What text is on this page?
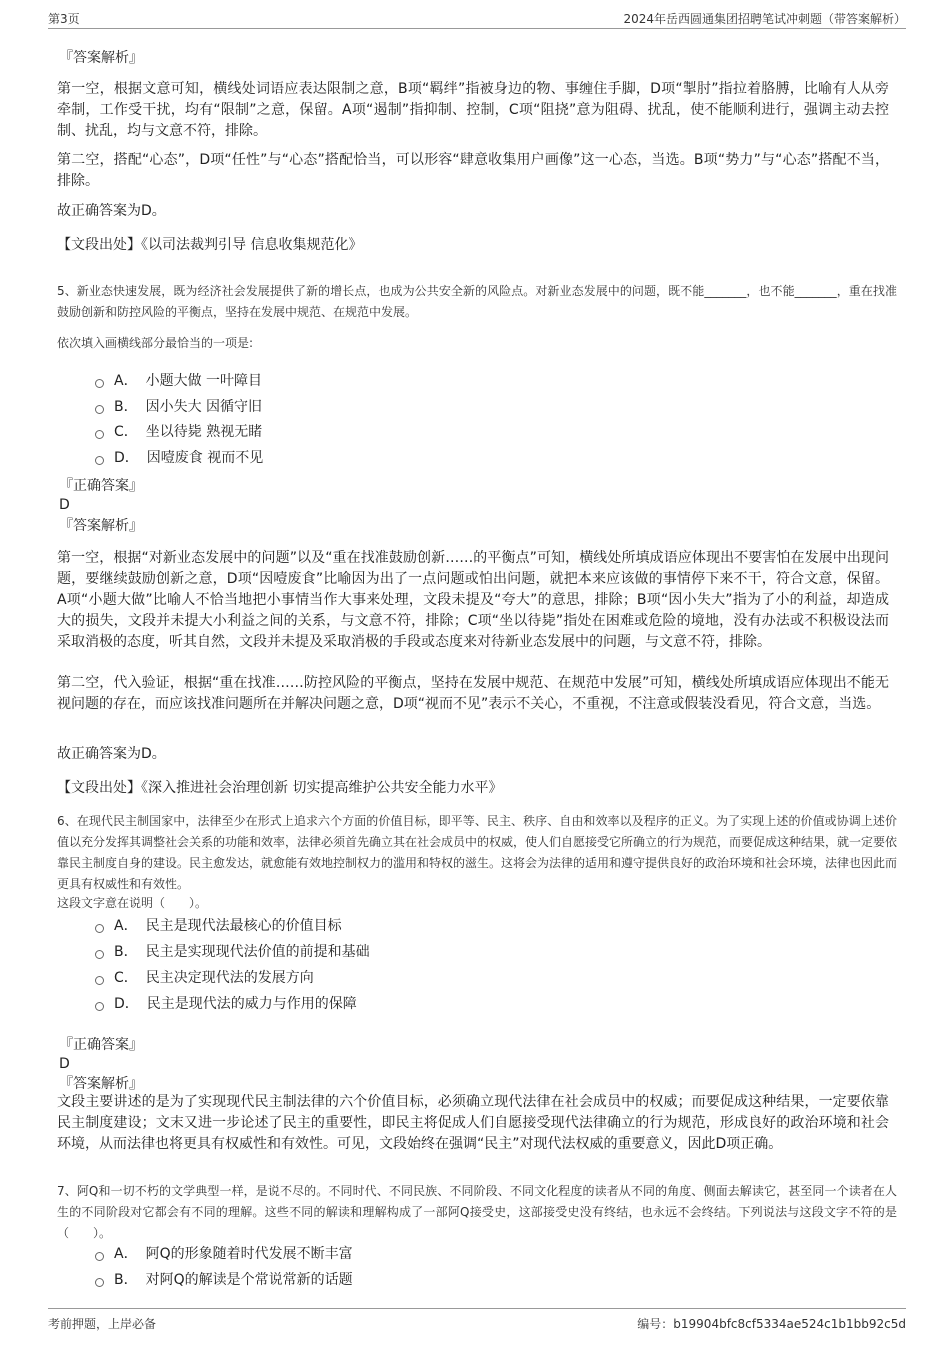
第3页	2024年岳西圆通集团招聘笔试冲刺题（带答案解析）
『答案解析』
第一空，根据文意可知，横线处词语应表达限制之意，B项“羁绊”指被身边的物、事缠住手脚，D项“掣肘”指拉着胳膊，比喻有人从旁牵制，工作受干扰，均有“限制”之意，保留。A项“遏制”指抑制、控制，C项“阻挠”意为阻碍、扰乱，使不能顺利进行，强调主动去控制、扰乱，均与文意不符，排除。
第二空，搭配“心态”，D项“任性”与“心态”搭配恰当，可以形容“肆意收集用户画像”这一心态，当选。B项“势力”与“心态”搭配不当，排除。
故正确答案为D。
【文段出处】《以司法裁判引导 信息收集规范化》
5、新业态快速发展，既为经济社会发展提供了新的增长点，也成为公共安全新的风险点。对新业态发展中的问题，既不能_______，也不能_______，重在找准鼓励创新和防控风险的平衡点，坚持在发展中规范、在规范中发展。
依次填入画横线部分最恰当的一项是:
A． 小题大做 一叶障目
B． 因小失大 因循守旧
C． 坐以待毙 熟视无睹
D． 因噎废食 视而不见
『正确答案』
D
『答案解析』
第一空，根据“对新业态发展中的问题”以及“重在找准鼓励创新……的平衡点”可知，横线处所填成语应体现出不要害怕在发展中出现问题，要继续鼓励创新之意，D项“因噎废食”比喻因为出了一点问题或怕出问题，就把本来应该做的事情停下来不干，符合文意，保留。A项“小题大做”比喻人不恰当地把小事情当作大事来处理，文段未提及“夸大”的意思，排除；B项“因小失大”指为了小的利益，却造成大的损失，文段并未提大小利益之间的关系，与文意不符，排除；C项“坐以待毙”指处在困难或危险的境地，没有办法或不积极设法而采取消极的态度，听其自然，文段并未提及采取消极的手段或态度来对待新业态发展中的问题，与文意不符，排除。
第二空，代入验证，根据“重在找准……防控风险的平衡点，坚持在发展中规范、在规范中发展”可知，横线处所填成语应体现出不能无视问题的存在，而应该找准问题所在并解决问题之意，D项“视而不见”表示不关心，不重视，不注意或假装没看见，符合文意，当选。
故正确答案为D。
【文段出处】《深入推进社会治理创新 切实提高维护公共安全能力水平》
6、在现代民主制国家中，法律至少在形式上追求六个方面的价值目标，即平等、民主、秩序、自由和效率以及程序的正义。为了实现上述的价值或协调上述价值以充分发挥其调整社会关系的功能和效率，法律必须首先确立其在社会成员中的权威，使人们自愿接受它所确立的行为规范，而要促成这种结果，就一定要依靠民主制度自身的建设。民主愈发达，就愈能有效地控制权力的滥用和特权的滋生。这将会为法律的适用和遵守提供良好的政治环境和社会环境，法律也因此而更具有权威性和有效性。
这段文字意在说明（　　）。
A． 民主是现代法最核心的价值目标
B． 民主是实现现代法价值的前提和基础
C． 民主决定现代法的发展方向
D． 民主是现代法的威力与作用的保障
『正确答案』
D
『答案解析』
文段主要讲述的是为了实现现代民主制法律的六个价值目标，必须确立现代法律在社会成员中的权威；而要促成这种结果，一定要依靠民主制度建设；文末又进一步论述了民主的重要性，即民主将促成人们自愿接受现代法律确立的行为规范，形成良好的政治环境和社会环境，从而法律也将更具有权威性和有效性。可见，文段始终在强调“民主”对现代法权威的重要意义，因此D项正确。
7、阿Q和一切不朽的文学典型一样，是说不尽的。不同时代、不同民族、不同阶段、不同文化程度的读者从不同的角度、侧面去解读它，甚至同一个读者在人生的不同阶段对它都会有不同的理解。这些不同的解读和理解构成了一部阿Q接受史，这部接受史没有终结，也永远不会终结。下列说法与这段文字不符的是（　　）。
A． 阿Q的形象随着时代发展不断丰富
B． 对阿Q的解读是个常说常新的话题
考前押题，上岸必备	编号：b19904bfc8cf5334ae524c1b1bb92c5d
